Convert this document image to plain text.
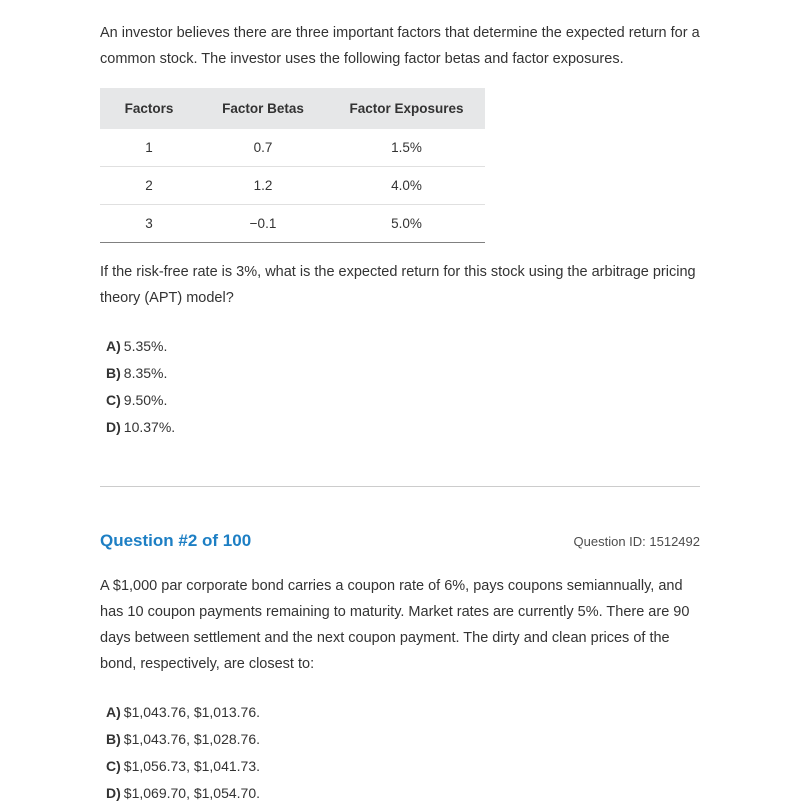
An investor believes there are three important factors that determine the expected return for a common stock. The investor uses the following factor betas and factor exposures.

Factors	Factor Betas	Factor Exposures
1	0.7	1.5%
2	1.2	4.0%
3	−0.1	5.0%

If the risk-free rate is 3%, what is the expected return for this stock using the arbitrage pricing theory (APT) model?

A) 5.35%.
B) 8.35%.
C) 9.50%.
D) 10.37%.
Question #2 of 100	Question ID: 1512492

A $1,000 par corporate bond carries a coupon rate of 6%, pays coupons semiannually, and has 10 coupon payments remaining to maturity. Market rates are currently 5%. There are 90 days between settlement and the next coupon payment. The dirty and clean prices of the bond, respectively, are closest to:

A) $1,043.76, $1,013.76.
B) $1,043.76, $1,028.76.
C) $1,056.73, $1,041.73.
D) $1,069.70, $1,054.70.
